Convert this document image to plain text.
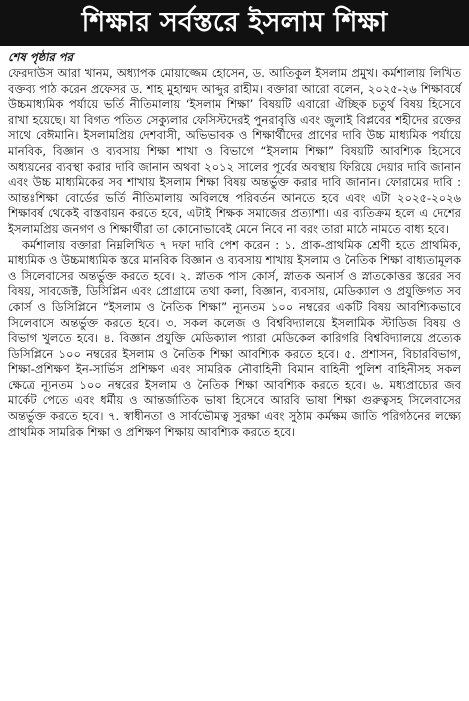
শিক্ষার সর্বস্তরে ইসলাম শিক্ষা
শেষ পৃষ্ঠার পর

ফেরদাউস আরা খানম, অধ্যাপক মোয়াজ্জেম হোসেন, ড. আতিকুল ইসলাম প্রমুখ। কর্মশালায় লিখিত বক্তব্য পাঠ করেন প্রফেসর ড. শাহ মুহাম্মদ আব্দুর রাহীম। বক্তারা আরো বলেন, ২০২৫-২৬ শিক্ষাবর্ষে উচ্চমাধ্যমিক পর্যায়ে ভর্তি নীতিমালায় ‘ইসলাম শিক্ষা’ বিষয়টি এবারো ঐচ্ছিক চতুর্থ বিষয় হিসেবে রাখা হয়েছে। যা বিগত পতিত সেক্যুলার ফেসিস্টদেরই পুনরাবৃত্তি এবং জুলাই বিপ্লবের শহীদের রক্তের সাথে বেঈমানি। ইসলামপ্রিয় দেশবাসী, অভিভাবক ও শিক্ষার্থীদের প্রাণের দাবি উচ্চ মাধ্যমিক পর্যায়ে মানবিক, বিজ্ঞান ও ব্যবসায় শিক্ষা শাখা ও বিভাগে “ইসলাম শিক্ষা” বিষয়টি আবশ্যিক হিসেবে অধ্যয়নের ব্যবস্থা করার দাবি জানান অথবা ২০১২ সালের পূর্বের অবস্থায় ফিরিয়ে দেয়ার দাবি জানান এবং উচ্চ মাধ্যমিকের সব শাখায় ইসলাম শিক্ষা বিষয় অন্তর্ভুক্ত করার দাবি জানান। ফোরামের দাবি : আন্তঃশিক্ষা বোর্ডের ভর্তি নীতিমালায় অবিলম্বে পরিবর্তন আনতে হবে এবং এটা ২০২৫-২০২৬ শিক্ষাবর্ষ থেকেই বাস্তবায়ন করতে হবে, এটাই শিক্ষক সমাজের প্রত্যাশা। এর ব্যতিক্রম হলে এ দেশের ইসলামপ্রিয় জনগণ ও শিক্ষার্থীরা তা কোনোভাবেই মেনে নিবে না বরং তারা মাঠে নামতে বাধ্য হবে।

কর্মশালায় বক্তারা নিম্নলিখিত ৭ দফা দাবি পেশ করেন : ১. প্রাক-প্রাথমিক শ্রেণী হতে প্রাথমিক, মাধ্যমিক ও উচ্চমাধ্যমিক স্তরে মানবিক বিজ্ঞান ও ব্যবসায় শাখায় ইসলাম ও নৈতিক শিক্ষা বাধ্যতামূলক ও সিলেবাসের অন্তর্ভুক্ত করতে হবে। ২. স্নাতক পাস কোর্স, স্নাতক অনার্স ও স্নাতকোত্তর স্তরের সব বিষয়, সাবজেক্ট, ডিসিপ্লিন এবং প্রোগ্রামে তথা কলা, বিজ্ঞান, ব্যবসায়, মেডিক্যাল ও প্রযুক্তিগত সব কোর্স ও ডিসিপ্লিনে “ইসলাম ও নৈতিক শিক্ষা” ন্যূনতম ১০০ নম্বরের একটি বিষয় আবশ্যিকভাবে সিলেবাসে অন্তর্ভুক্ত করতে হবে। ৩. সকল কলেজ ও বিশ্ববিদ্যালয়ে ইসলামিক স্টাডিজ বিষয় ও বিভাগ খুলতে হবে। ৪. বিজ্ঞান প্রযুক্তি মেডিক্যাল প্যারা মেডিকেল কারিগরি বিশ্ববিদ্যালয়ে প্রত্যেক ডিসিপ্লিনে ১০০ নম্বরের ইসলাম ও নৈতিক শিক্ষা আবশ্যিক করতে হবে। ৫. প্রশাসন, বিচারবিভাগ, শিক্ষা-প্রশিক্ষণ ইন-সার্ভিস প্রশিক্ষণ এবং সামরিক নৌবাহিনী বিমান বাহিনী পুলিশ বাহিনীসহ সকল ক্ষেত্রে ন্যূনতম ১০০ নম্বরের ইসলাম ও নৈতিক শিক্ষা আবশ্যিক করতে হবে। ৬. মধ্যপ্রাচ্যের জব মার্কেট পেতে এবং ধর্মীয় ও আন্তর্জাতিক ভাষা হিসেবে আরবি ভাষা শিক্ষা গুরুত্বসহ সিলেবাসের অন্তর্ভুক্ত করতে হবে। ৭. স্বাধীনতা ও সার্বভৌমত্ব সুরক্ষা এবং সুঠাম কর্মক্ষম জাতি পরিগঠনের লক্ষ্যে প্রাথমিক সামরিক শিক্ষা ও প্রশিক্ষণ শিক্ষায় আবশ্যিক করতে হবে।
